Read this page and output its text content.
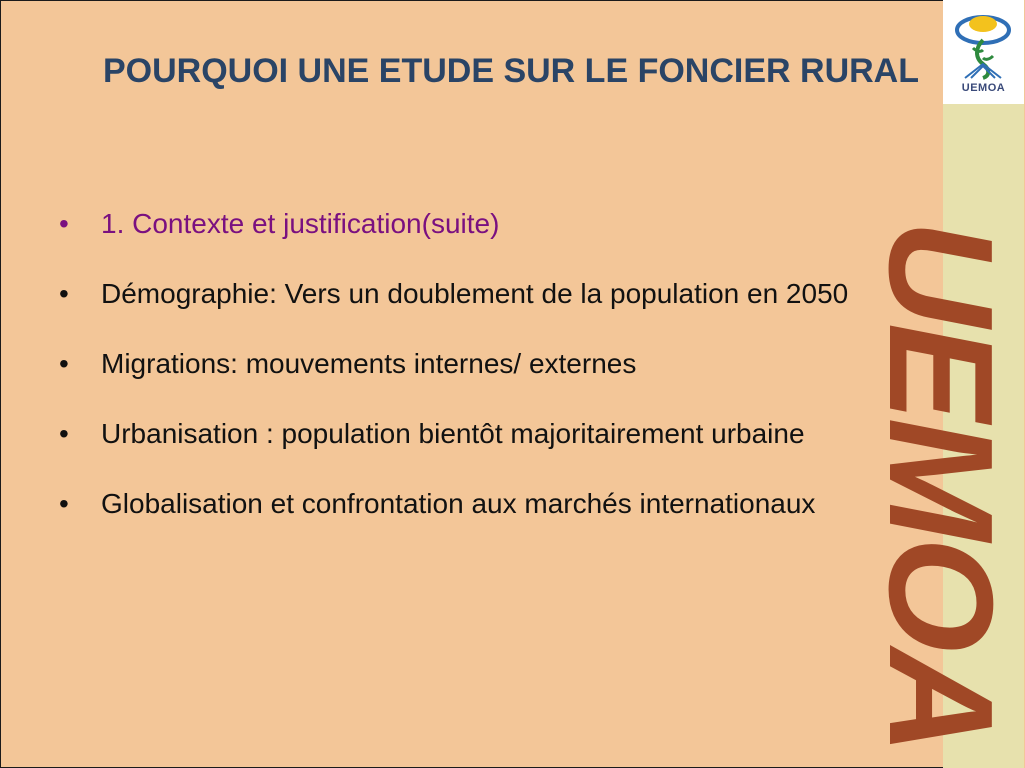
POURQUOI UNE ETUDE SUR LE FONCIER RURAL
• 1. Contexte et justification(suite)
• Démographie: Vers un doublement de la population en 2050
• Migrations: mouvements internes/ externes
• Urbanisation : population bientôt majoritairement urbaine
• Globalisation et confrontation aux marchés internationaux
UEMOA
UEMOA
